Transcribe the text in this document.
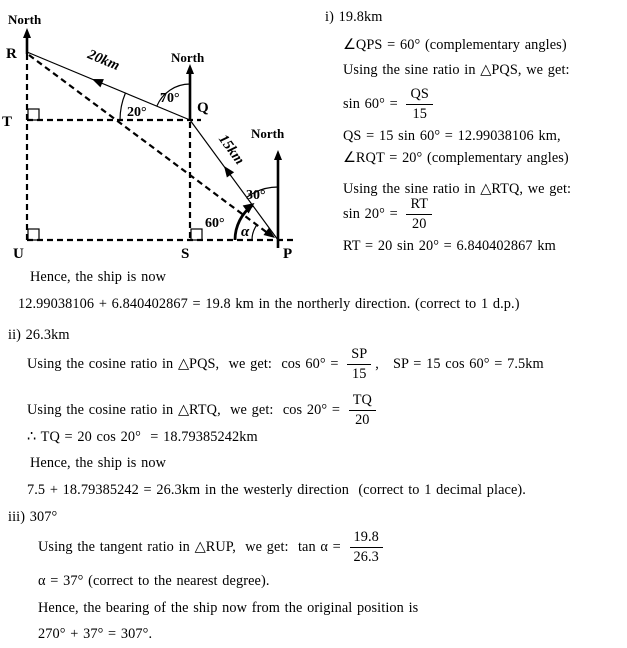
North
North
North
R
T
U	S	P
Q
20km
15km
70°
20°
30°
60°
α
i) 19.8km
∠QPS = 60° (complementary angles)
Using the sine ratio in △PQS, we get:
$\sin 60^\circ = \frac{QS}{15}$
QS = 15 sin 60° = 12.99038106 km,
∠RQT = 20° (complementary angles)
Using the sine ratio in △RTQ, we get:
$\sin 20^\circ = \frac{RT}{20}$
RT = 20 sin 20° = 6.840402867 km
Hence, the ship is now
12.99038106 + 6.840402867 = 19.8 km in the northerly direction. (correct to 1 d.p.)
ii) 26.3km
Using the cosine ratio in △PQS,  we get:  $\cos 60^\circ = \frac{SP}{15}$ ,   SP = 15 cos 60° = 7.5km
Using the cosine ratio in △RTQ,  we get:  $\cos 20^\circ = \frac{TQ}{20}$
∴ TQ = 20 cos 20°  = 18.79385242km
Hence, the ship is now
7.5 + 18.79385242 = 26.3km in the westerly direction  (correct to 1 decimal place).
iii) 307°
Using the tangent ratio in △RUP,  we get:  $\tan \alpha = \frac{19.8}{26.3}$
α = 37° (correct to the nearest degree).
Hence, the bearing of the ship now from the original position is
270° + 37° = 307°.
